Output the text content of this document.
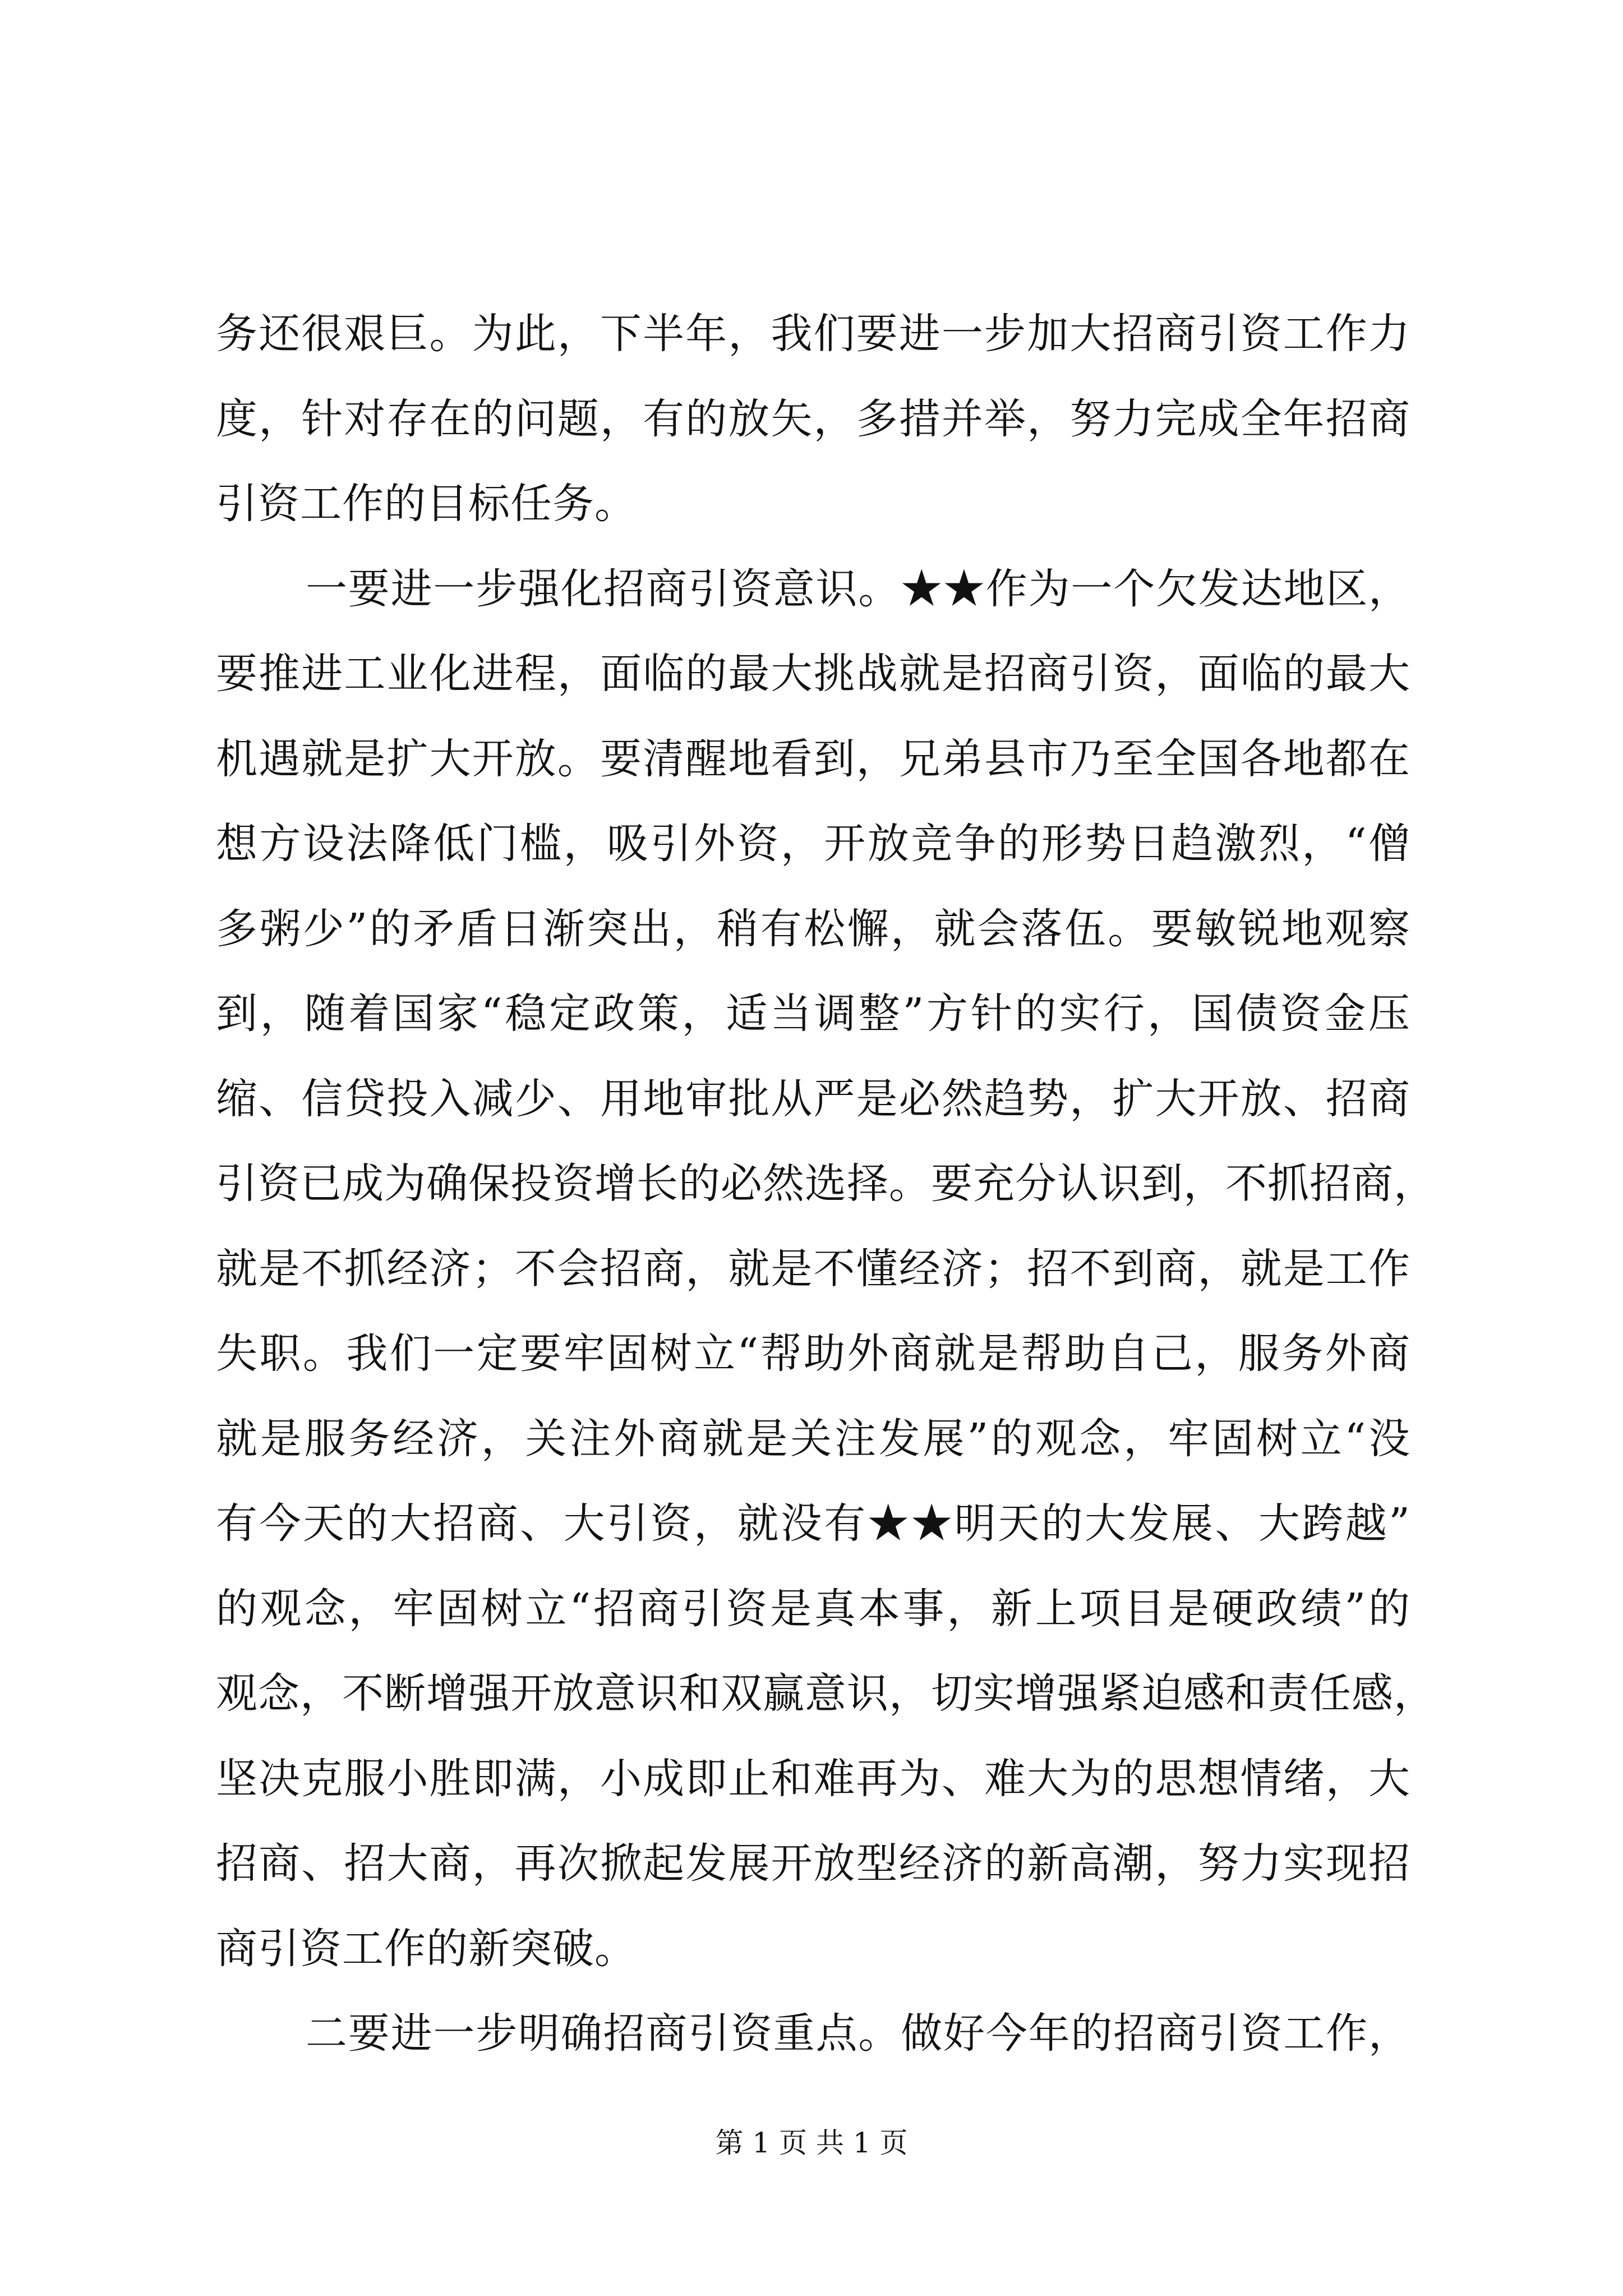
务还很艰巨。为此，下半年，我们要进一步加大招商引资工作力
度，针对存在的问题，有的放矢，多措并举，努力完成全年招商
引资工作的目标任务。
一要进一步强化招商引资意识。★★作为一个欠发达地区，
要推进工业化进程，面临的最大挑战就是招商引资，面临的最大
机遇就是扩大开放。要清醒地看到，兄弟县市乃至全国各地都在
想方设法降低门槛，吸引外资，开放竞争的形势日趋激烈，“僧
多粥少”的矛盾日渐突出，稍有松懈，就会落伍。要敏锐地观察
到，随着国家“稳定政策，适当调整”方针的实行，国债资金压
缩、信贷投入减少、用地审批从严是必然趋势，扩大开放、招商
引资已成为确保投资增长的必然选择。要充分认识到，不抓招商，
就是不抓经济；不会招商，就是不懂经济；招不到商，就是工作
失职。我们一定要牢固树立“帮助外商就是帮助自己，服务外商
就是服务经济，关注外商就是关注发展”的观念，牢固树立“没
有今天的大招商、大引资，就没有★★明天的大发展、大跨越”
的观念，牢固树立“招商引资是真本事，新上项目是硬政绩”的
观念，不断增强开放意识和双赢意识，切实增强紧迫感和责任感，
坚决克服小胜即满，小成即止和难再为、难大为的思想情绪，大
招商、招大商，再次掀起发展开放型经济的新高潮，努力实现招
商引资工作的新突破。
二要进一步明确招商引资重点。做好今年的招商引资工作，
第 1 页 共 1 页
